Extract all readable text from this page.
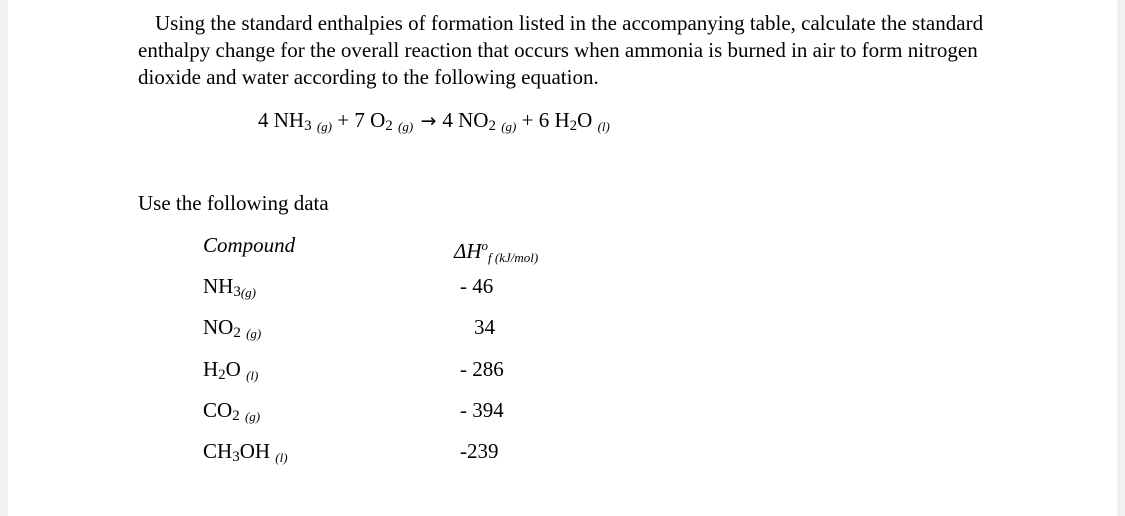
Using the standard enthalpies of formation listed in the accompanying table, calculate the standard enthalpy change for the overall reaction that occurs when ammonia is burned in air to form nitrogen dioxide and water according to the following equation.
4 $NH_3$ (g) + 7 $O_2$ (g) → 4 $NO_2$ (g) + 6 $H_2O$ (l)
Use the following data
Compound	$\Delta H^of$ (kJ/mol)
$NH_3(g)$	- 46
$NO_2$ (g)	34
$H_2O$ (l)	- 286
$CO_2$ (g)	- 394
$CH_3OH$ (l)	-239
